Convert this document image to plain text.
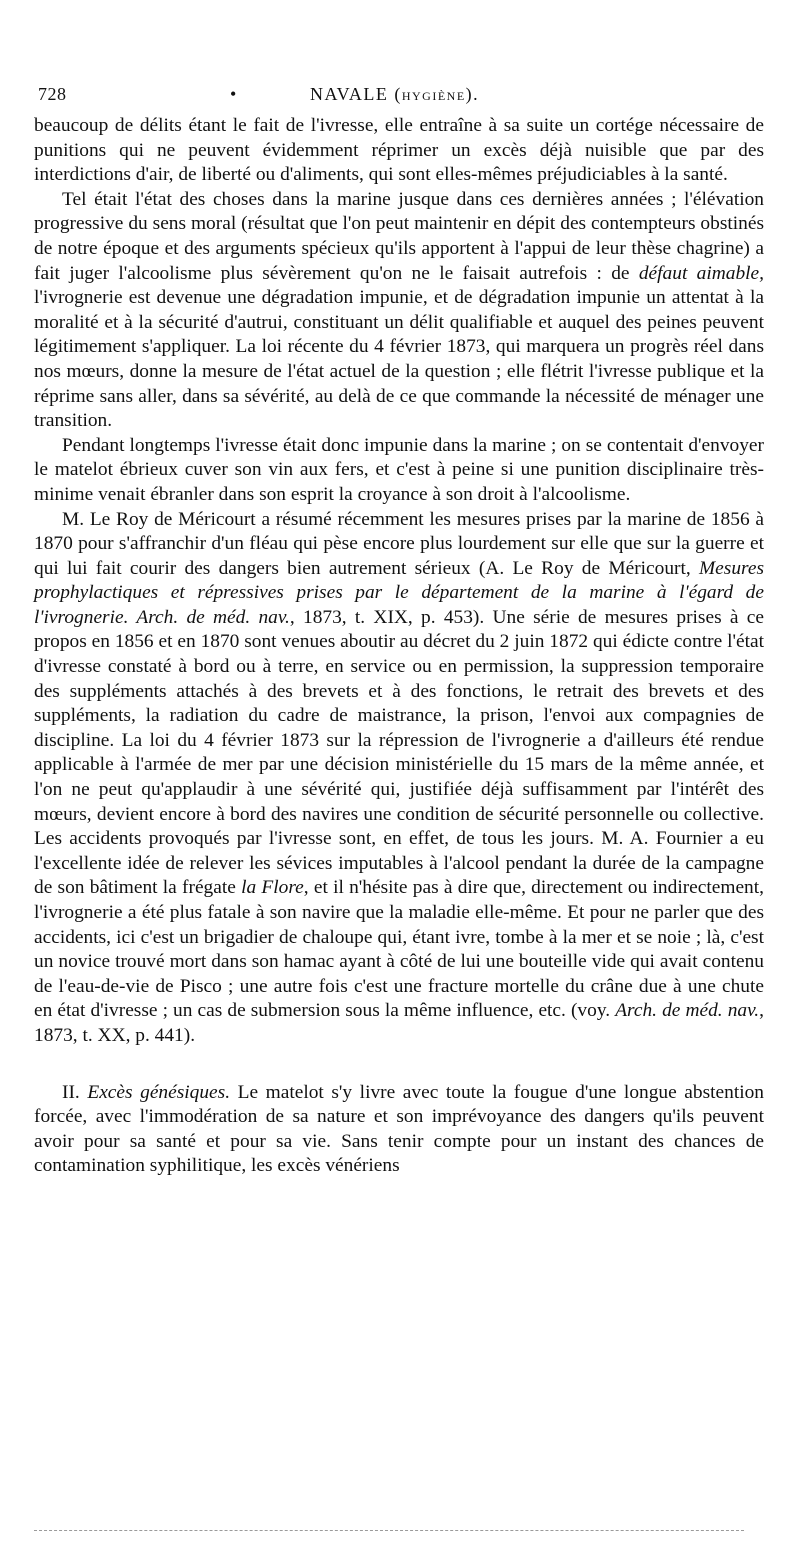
728	•	NAVALE (HYGIÈNE).

beaucoup de délits étant le fait de l'ivresse, elle entraîne à sa suite un cortége nécessaire de punitions qui ne peuvent évidemment réprimer un excès déjà nuisible que par des interdictions d'air, de liberté ou d'aliments, qui sont elles-mêmes préjudiciables à la santé.

Tel était l'état des choses dans la marine jusque dans ces dernières années ; l'élévation progressive du sens moral (résultat que l'on peut maintenir en dépit des contempteurs obstinés de notre époque et des arguments spécieux qu'ils apportent à l'appui de leur thèse chagrine) a fait juger l'alcoolisme plus sévèrement qu'on ne le faisait autrefois : de défaut aimable, l'ivrognerie est devenue une dégradation impunie, et de dégradation impunie un attentat à la moralité et à la sécurité d'autrui, constituant un délit qualifiable et auquel des peines peuvent légitimement s'appliquer. La loi récente du 4 février 1873, qui marquera un progrès réel dans nos mœurs, donne la mesure de l'état actuel de la question ; elle flétrit l'ivresse publique et la réprime sans aller, dans sa sévérité, au delà de ce que commande la nécessité de ménager une transition.

Pendant longtemps l'ivresse était donc impunie dans la marine ; on se contentait d'envoyer le matelot ébrieux cuver son vin aux fers, et c'est à peine si une punition disciplinaire très-minime venait ébranler dans son esprit la croyance à son droit à l'alcoolisme.

M. Le Roy de Méricourt a résumé récemment les mesures prises par la marine de 1856 à 1870 pour s'affranchir d'un fléau qui pèse encore plus lourdement sur elle que sur la guerre et qui lui fait courir des dangers bien autrement sérieux (A. Le Roy de Méricourt, Mesures prophylactiques et répressives prises par le département de la marine à l'égard de l'ivrognerie. Arch. de méd. nav., 1873, t. XIX, p. 453). Une série de mesures prises à ce propos en 1856 et en 1870 sont venues aboutir au décret du 2 juin 1872 qui édicte contre l'état d'ivresse constaté à bord ou à terre, en service ou en permission, la suppression temporaire des suppléments attachés à des brevets et à des fonctions, le retrait des brevets et des suppléments, la radiation du cadre de maistrance, la prison, l'envoi aux compagnies de discipline. La loi du 4 février 1873 sur la répression de l'ivrognerie a d'ailleurs été rendue applicable à l'armée de mer par une décision ministérielle du 15 mars de la même année, et l'on ne peut qu'applaudir à une sévérité qui, justifiée déjà suffisamment par l'intérêt des mœurs, devient encore à bord des navires une condition de sécurité personnelle ou collective. Les accidents provoqués par l'ivresse sont, en effet, de tous les jours. M. A. Fournier a eu l'excellente idée de relever les sévices imputables à l'alcool pendant la durée de la campagne de son bâtiment la frégate la Flore, et il n'hésite pas à dire que, directement ou indirectement, l'ivrognerie a été plus fatale à son navire que la maladie elle-même. Et pour ne parler que des accidents, ici c'est un brigadier de chaloupe qui, étant ivre, tombe à la mer et se noie ; là, c'est un novice trouvé mort dans son hamac ayant à côté de lui une bouteille vide qui avait contenu de l'eau-de-vie de Pisco ; une autre fois c'est une fracture mortelle du crâne due à une chute en état d'ivresse ; un cas de submersion sous la même influence, etc. (voy. Arch. de méd. nav., 1873, t. XX, p. 441).

II. Excès génésiques. Le matelot s'y livre avec toute la fougue d'une longue abstention forcée, avec l'immodération de sa nature et son imprévoyance des dangers qu'ils peuvent avoir pour sa santé et pour sa vie. Sans tenir compte pour un instant des chances de contamination syphilitique, les excès vénériens
